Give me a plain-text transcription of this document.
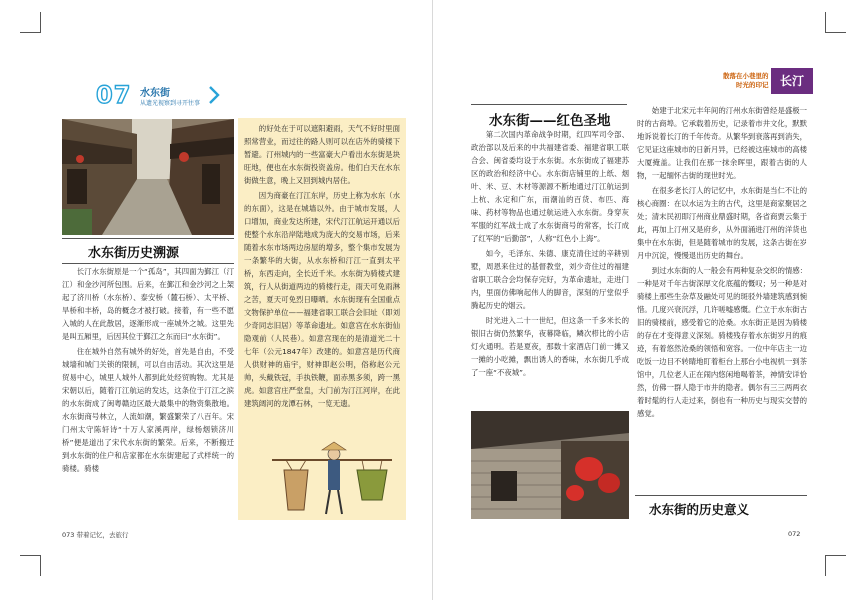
07 水东街
从遗光视察到寻开往事
水东街历史溯源

长汀水东街原是一个“孤岛”，其四面为鄞江（汀江）和金沙河所包围。后来，在鄞江和金沙河之上架起了济川桥（水东桥）、泰安桥（麓石桥）、太平桥、旱桥和丰桥，岛的概念才被打破。接着，有一些不愿入城的人在此散居，逐渐形成一座城外之城。这里先是叫五厢里，后因其位于鄞江之东而曰“水东街”。

住在城外自然有城外的好处，首先是自由，不受城墙和城门关锁的限制，可以自由活动。其次这里是贸易中心，城里人城外人都到此处经贸购物。尤其是宋朝以后，随着汀江航运的发达，这条位于汀江之滨的水东街成了闽粤赣边区最大最集中的物资集散地。水东街商号林立，人流如潮，繁盛繁荣了八百年。宋门州太守陈轩诗“十万人家溪两岸，绿杨烟锁济川桥”便是道出了宋代水东街的繁荣。后来，不断搬迁到水东街的住户和店家都在水东街建起了式样统一的骑楼。骑楼

的好处在于可以遮阳避雨，天气不好时里面照常营业，而过往的路人则可以在店外的骑楼下暂避。汀州城内的一些富豪大户看出水东街是块旺地，便也在水东街投资盖房。他们白天在水东街做生意，晚上又回到城内居住。

因为商豪在汀江东岸，历史上称为水东（水的东面），这是在城墙以外。由于城市发展，人口增加，商业发达所建，宋代汀江航运开通以后使整个水东沿岸陆地成为庞大的交易市场，后来随着水东市场两边房屋的增多，整个集市发展为一条繁华的大街，从水东桥和汀江一直到太平桥，东西走向，全长近千米。水东街为骑楼式建筑，行人从街道两边的骑楼行走，雨天可免雨淋之苦，夏天可免烈日曝晒。水东街现有全国重点文物保护单位——福建省职工联合会旧址（即刘少奇同志旧居）等革命遗址。如意宫在水东街仙隐观前（人民巷）。如意宫现在的是清道光二十七年（公元1847年）改建的。如意宫是历代商人供财神的庙宇，财神即赵公明，俗称赵公元帅，头戴铁冠，手执铁鞭，面赤黑多须，跨一黑虎。如意宫庄严堂皇，大门前为汀江河岸，在此建筑阔河的龙潭石林，一览无遗。

073 带着记忆，去旅行
散落在小巷里的
时光的印记 长汀
水东街——红色圣地

第二次国内革命战争时期，红四军司令部、政治部以及后来的中共福建省委、福建省职工联合会、闽省委均设于水东街。水东街成了福建苏区的政治和经济中心。水东街店铺里的上纸、烟叶、米、豆、木材等源源不断地通过汀江航运到上杭、永定和广东，而潮汕的百货、布匹、海味、药材等物品也通过航运进入水东街。身穿灰军服的红军战士成了水东街商号的常客，长汀成了红军的“后勤部”，人称“红色小上海”。

如今，毛泽东、朱德、康克清住过的辛耕别墅，周恩来住过的基督教堂，刘少奇住过的福建省职工联合会均保存完好，为革命遗址，走进门内，里面仿佛响起伟人的脚音，深刻的厅堂似乎腾起历史的烟云。

时光进入二十一世纪，但这条一千多米长的银旧古街仍然繁华，夜幕降临，鳞次栉比的小店灯火通明。若是夏夜，那数十家酒店门前一摊又一摊的小吃摊，飘出诱人的香味，水东街几乎成了一座“不夜城”。

始建于北宋元丰年间的汀州水东街曾经是盛极一时的古商埠。它承载着历史，记录着市井文化，默默地诉说着长汀的千年传奇。从繁华到衰落再到消失，它见证这座城市的日新月异，已经被这座城市的高楼大厦掩盖。让我们在那一抹余晖里，跟着古街的人物，一起缅怀古街的现世时光。

在很多老长汀人的记忆中，水东街是当仁不让的核心商圈：在以水运为主的古代，这里是商家聚居之处；清末民初即汀州商业鼎盛时期，各省商贾云集于此，再加上汀州又是府乡，从外面涌进汀州的洋货也集中在水东街，但是随着城市的发展，这条古街在岁月中沉淀，慢慢退出历史的舞台。

到过水东街的人一般会有两种复杂交织的情感：一种是对千年古街深厚文化底蕴的慨叹；另一种是对骑楼上那些生杂草及融处可见的斑驳外墙建筑感到惋惜。几度兴衰沉浮，几许嗟嘘感慨。伫立于水东街古旧的骑楼前，感受着它的沧桑。水东街正是因为骑楼的存在才变得意义深刻。骑楼残存着水东街岁月的痕迹，有着悠然沧桑的领悟和宽容。一位中年店主一边吃饭一边目不转睛地盯着柜台上那台小电视机一到茶馆中，几位老人正在闹内悠闲地喝着茶，神情安详恰然，仿佛一群人隐于市井的隐者。偶尔有三三两两衣着时髦的行人走过来，倒也有一种历史与现实交替的感觉。

水东街的历史意义
072
